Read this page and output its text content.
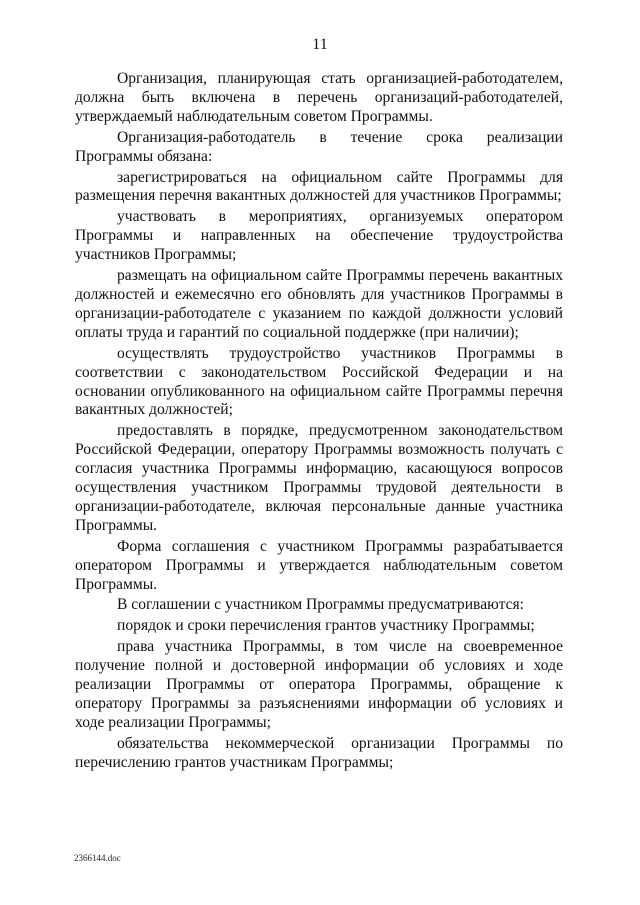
11

Организация, планирующая стать организацией-работодателем, должна быть включена в перечень организаций-работодателей, утверждаемый наблюдательным советом Программы.

Организация-работодатель в течение срока реализации Программы обязана:

зарегистрироваться на официальном сайте Программы для размещения перечня вакантных должностей для участников Программы;

участвовать в мероприятиях, организуемых оператором Программы и направленных на обеспечение трудоустройства участников Программы;

размещать на официальном сайте Программы перечень вакантных должностей и ежемесячно его обновлять для участников Программы в организации-работодателе с указанием по каждой должности условий оплаты труда и гарантий по социальной поддержке (при наличии);

осуществлять трудоустройство участников Программы в соответствии с законодательством Российской Федерации и на основании опубликованного на официальном сайте Программы перечня вакантных должностей;

предоставлять в порядке, предусмотренном законодательством Российской Федерации, оператору Программы возможность получать с согласия участника Программы информацию, касающуюся вопросов осуществления участником Программы трудовой деятельности в организации-работодателе, включая персональные данные участника Программы.

Форма соглашения с участником Программы разрабатывается оператором Программы и утверждается наблюдательным советом Программы.

В соглашении с участником Программы предусматриваются:

порядок и сроки перечисления грантов участнику Программы;

права участника Программы, в том числе на своевременное получение полной и достоверной информации об условиях и ходе реализации Программы от оператора Программы, обращение к оператору Программы за разъяснениями информации об условиях и ходе реализации Программы;

обязательства некоммерческой организации Программы по перечислению грантов участникам Программы;

2366144.doc
